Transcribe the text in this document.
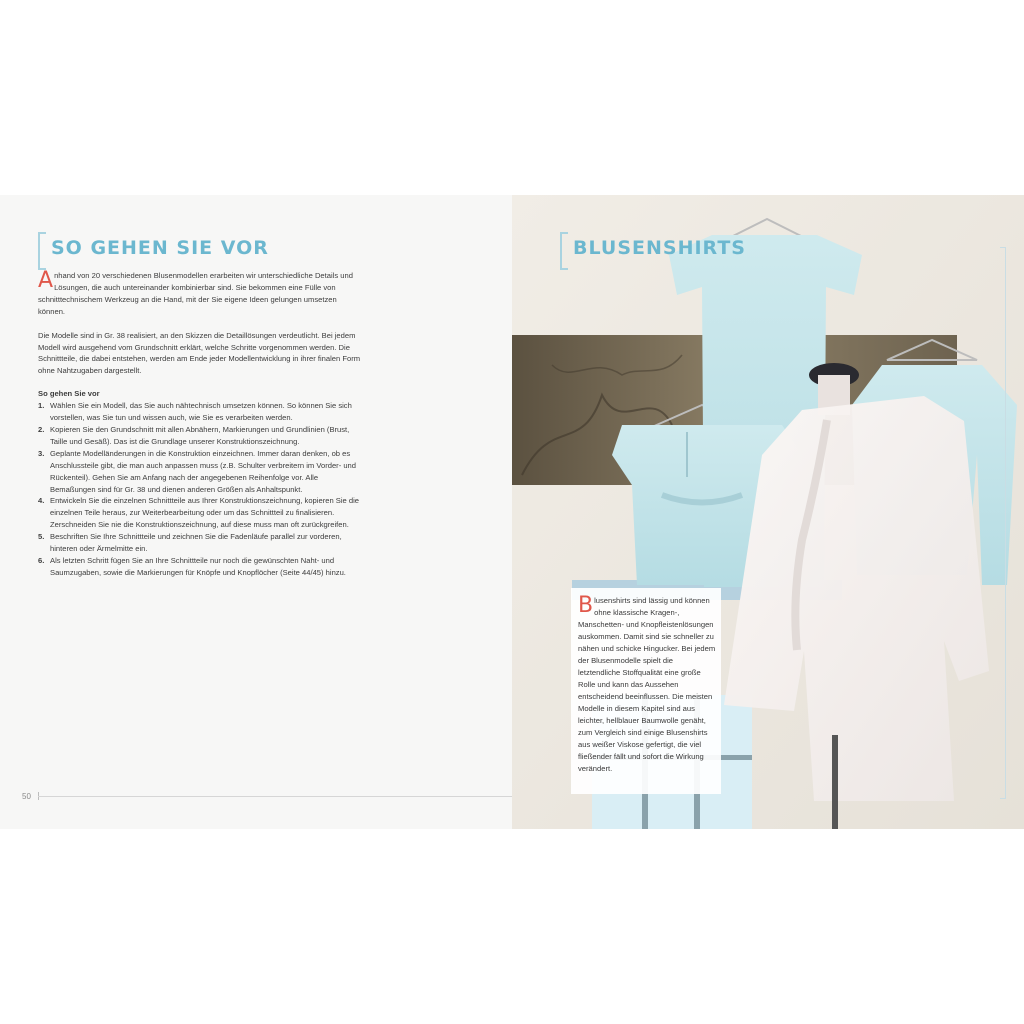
SO GEHEN SIE VOR

Anhand von 20 verschiedenen Blusenmodellen erarbeiten wir unterschiedliche Details und Lösungen, die auch untereinander kombinierbar sind. Sie bekommen eine Fülle von schnitttechnischem Werkzeug an die Hand, mit der Sie eigene Ideen gelungen umsetzen können.

Die Modelle sind in Gr. 38 realisiert, an den Skizzen die Detaillösungen verdeutlicht. Bei jedem Modell wird ausgehend vom Grundschnitt erklärt, welche Schritte vorgenommen werden. Die Schnittteile, die dabei entstehen, werden am Ende jeder Modellentwicklung in ihrer finalen Form ohne Nahtzugaben dargestellt.

So gehen Sie vor

1. Wählen Sie ein Modell, das Sie auch nähtechnisch umsetzen können. So können Sie sich vorstellen, was Sie tun und wissen auch, wie Sie es verarbeiten werden.
2. Kopieren Sie den Grundschnitt mit allen Abnähern, Markierungen und Grundlinien (Brust, Taille und Gesäß). Das ist die Grundlage unserer Konstruktionszeichnung.
3. Geplante Modelländerungen in die Konstruktion einzeichnen. Immer daran denken, ob es Anschlussteile gibt, die man auch anpassen muss (z.B. Schulter verbreitern im Vorder- und Rückenteil). Gehen Sie am Anfang nach der angegebenen Reihenfolge vor. Alle Bemaßungen sind für Gr. 38 und dienen anderen Größen als Anhaltspunkt.
4. Entwickeln Sie die einzelnen Schnittteile aus Ihrer Konstruktionszeichnung, kopieren Sie die einzelnen Teile heraus, zur Weiterbearbeitung oder um das Schnittteil zu finalisieren. Zerschneiden Sie nie die Konstruktionszeichnung, auf diese muss man oft zurückgreifen.
5. Beschriften Sie Ihre Schnittteile und zeichnen Sie die Fadenläufe parallel zur vorderen, hinteren oder Ärmelmitte ein.
6. Als letzten Schritt fügen Sie an Ihre Schnittteile nur noch die gewünschten Naht- und Saumzugaben, sowie die Markierungen für Knöpfe und Knopflöcher (Seite 44/45) hinzu.
50
BLUSENSHIRTS
Blusenshirts sind lässig und können ohne klassische Kragen-, Manschetten- und Knopfleistenlösungen auskommen. Damit sind sie schneller zu nähen und schicke Hingucker. Bei jedem der Blusenmodelle spielt die letztendliche Stoffqualität eine große Rolle und kann das Aussehen entscheidend beeinflussen. Die meisten Modelle in diesem Kapitel sind aus leichter, hellblauer Baumwolle genäht, zum Vergleich sind einige Blusenshirts aus weißer Viskose gefertigt, die viel fließender fällt und sofort die Wirkung verändert.
